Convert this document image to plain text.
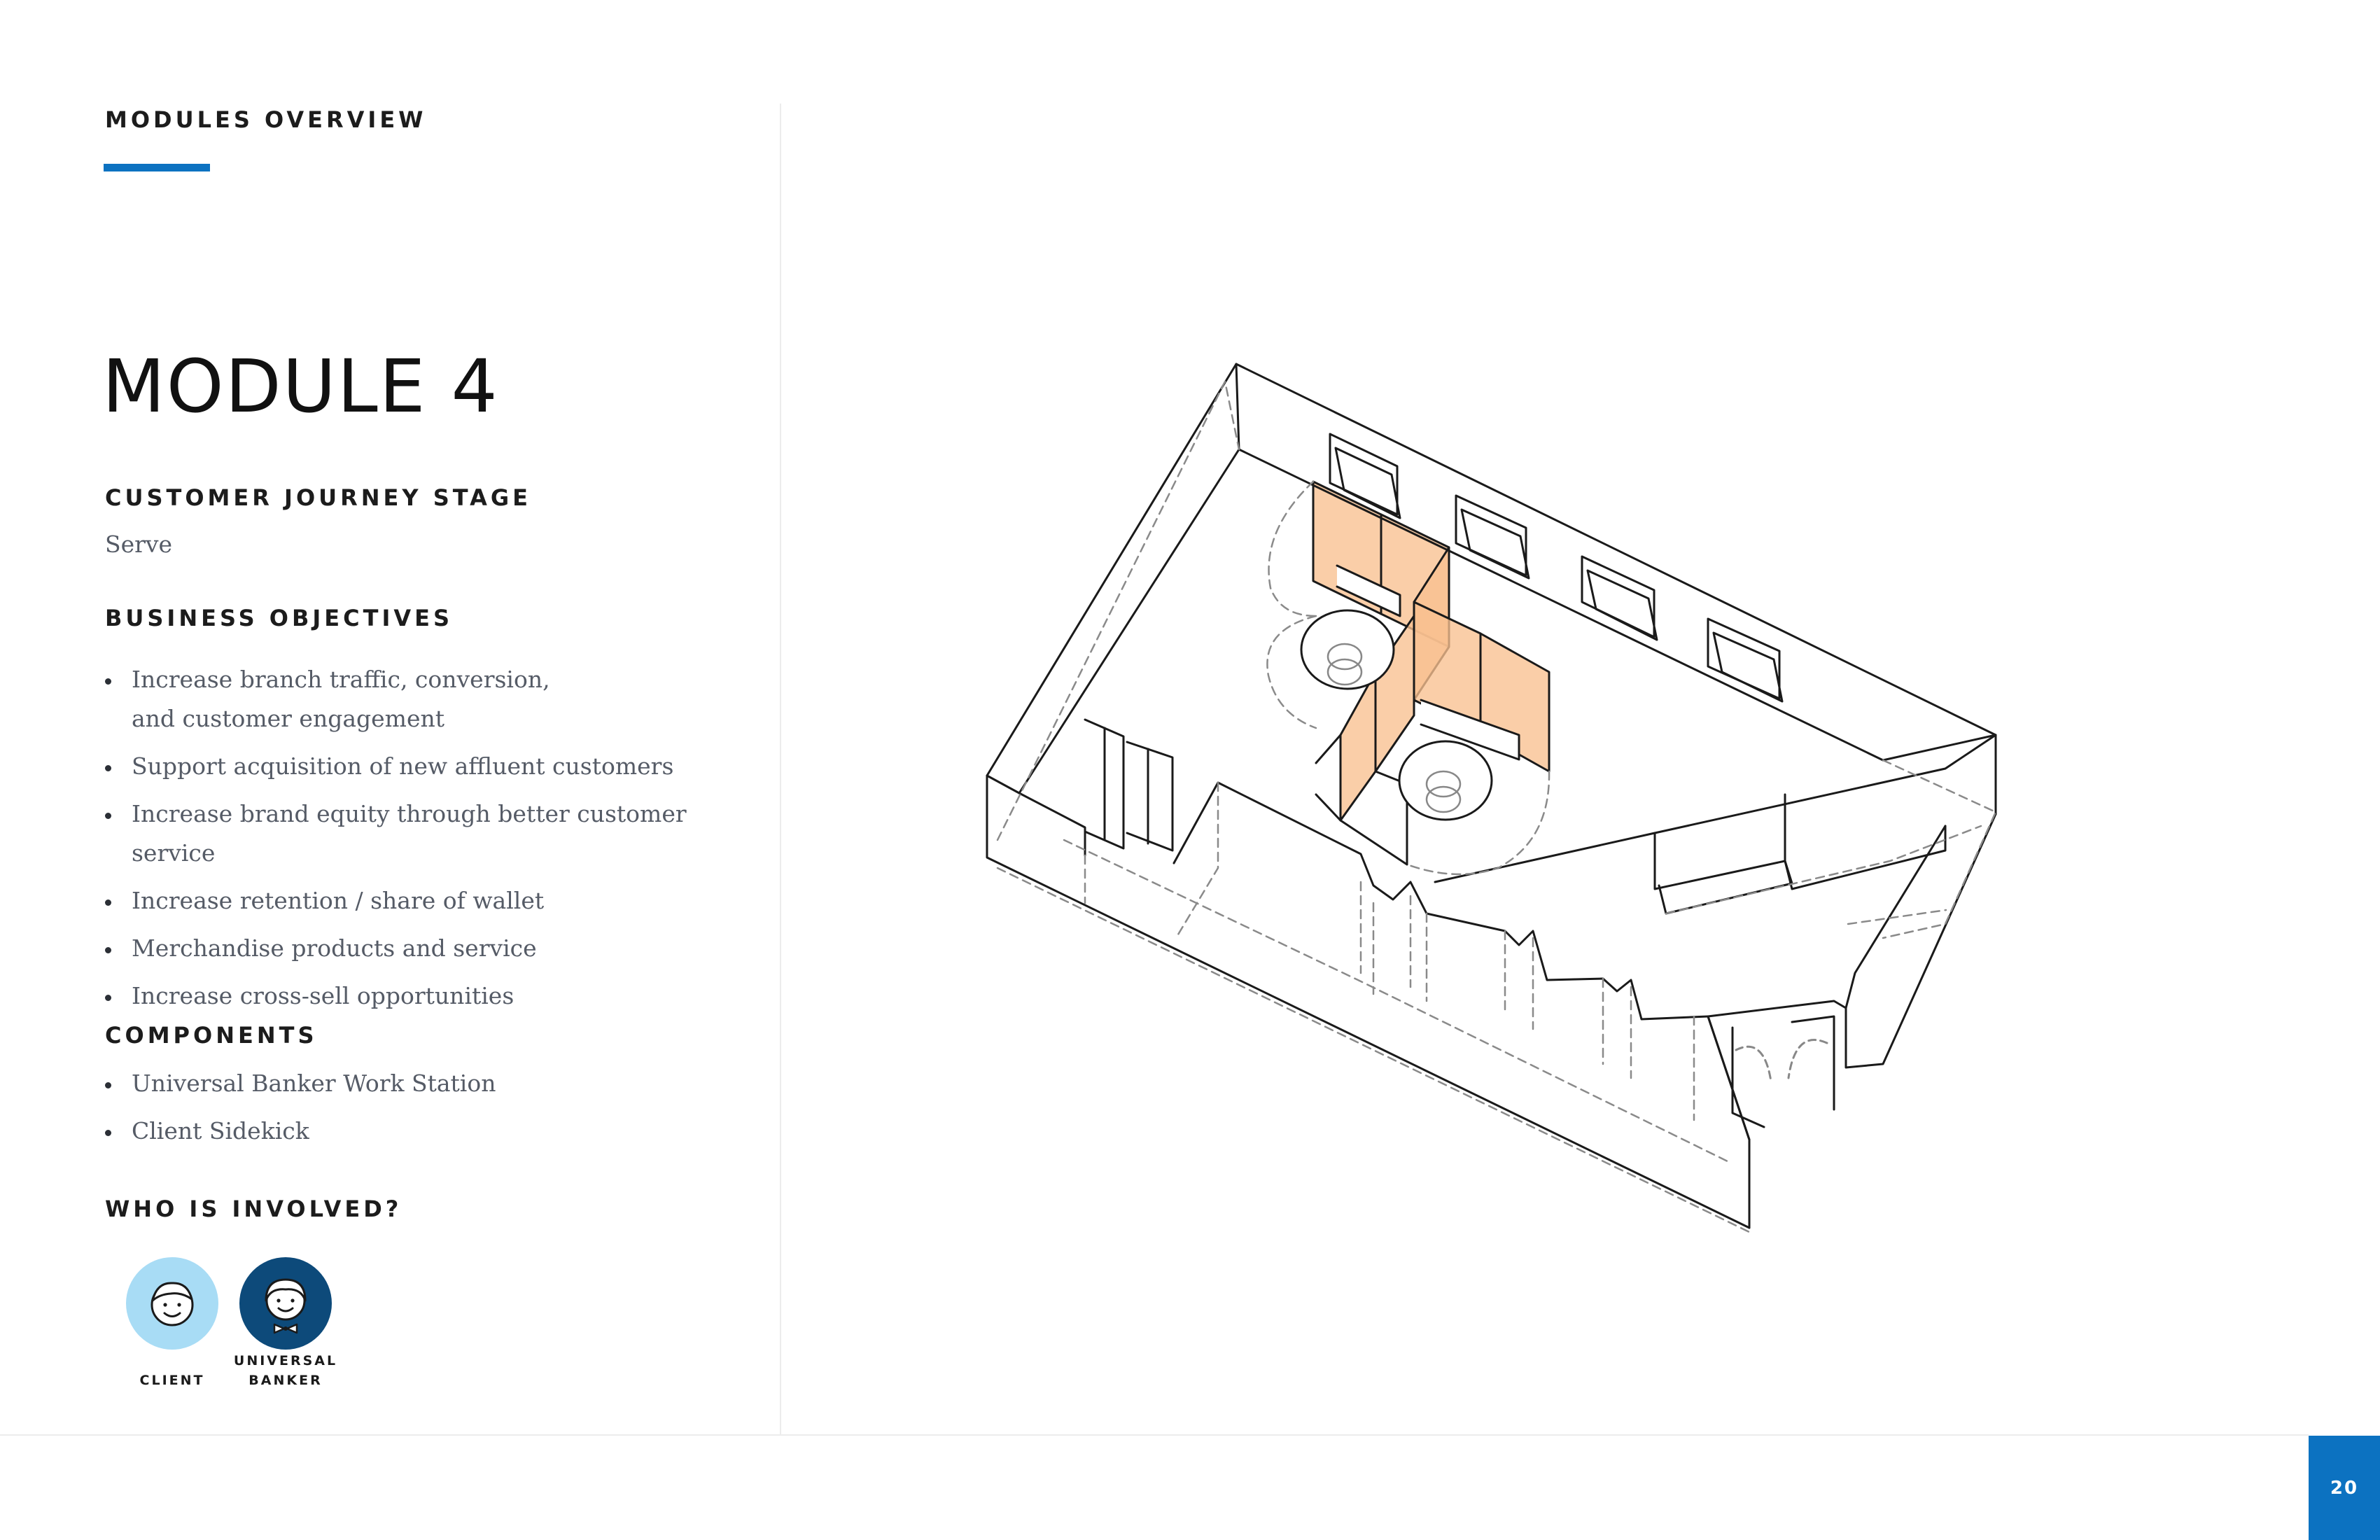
MODULES OVERVIEW
MODULE 4
CUSTOMER JOURNEY STAGE

Serve

BUSINESS OBJECTIVES
Increase branch traffic, conversion, and customer engagement
Support acquisition of new affluent customers
Increase brand equity through better customer service
Increase retention / share of wallet
Merchandise products and service
Increase cross-sell opportunities
COMPONENTS
Universal Banker Work Station
Client Sidekick
WHO IS INVOLVED?
CLIENT
UNIVERSAL BANKER
20
